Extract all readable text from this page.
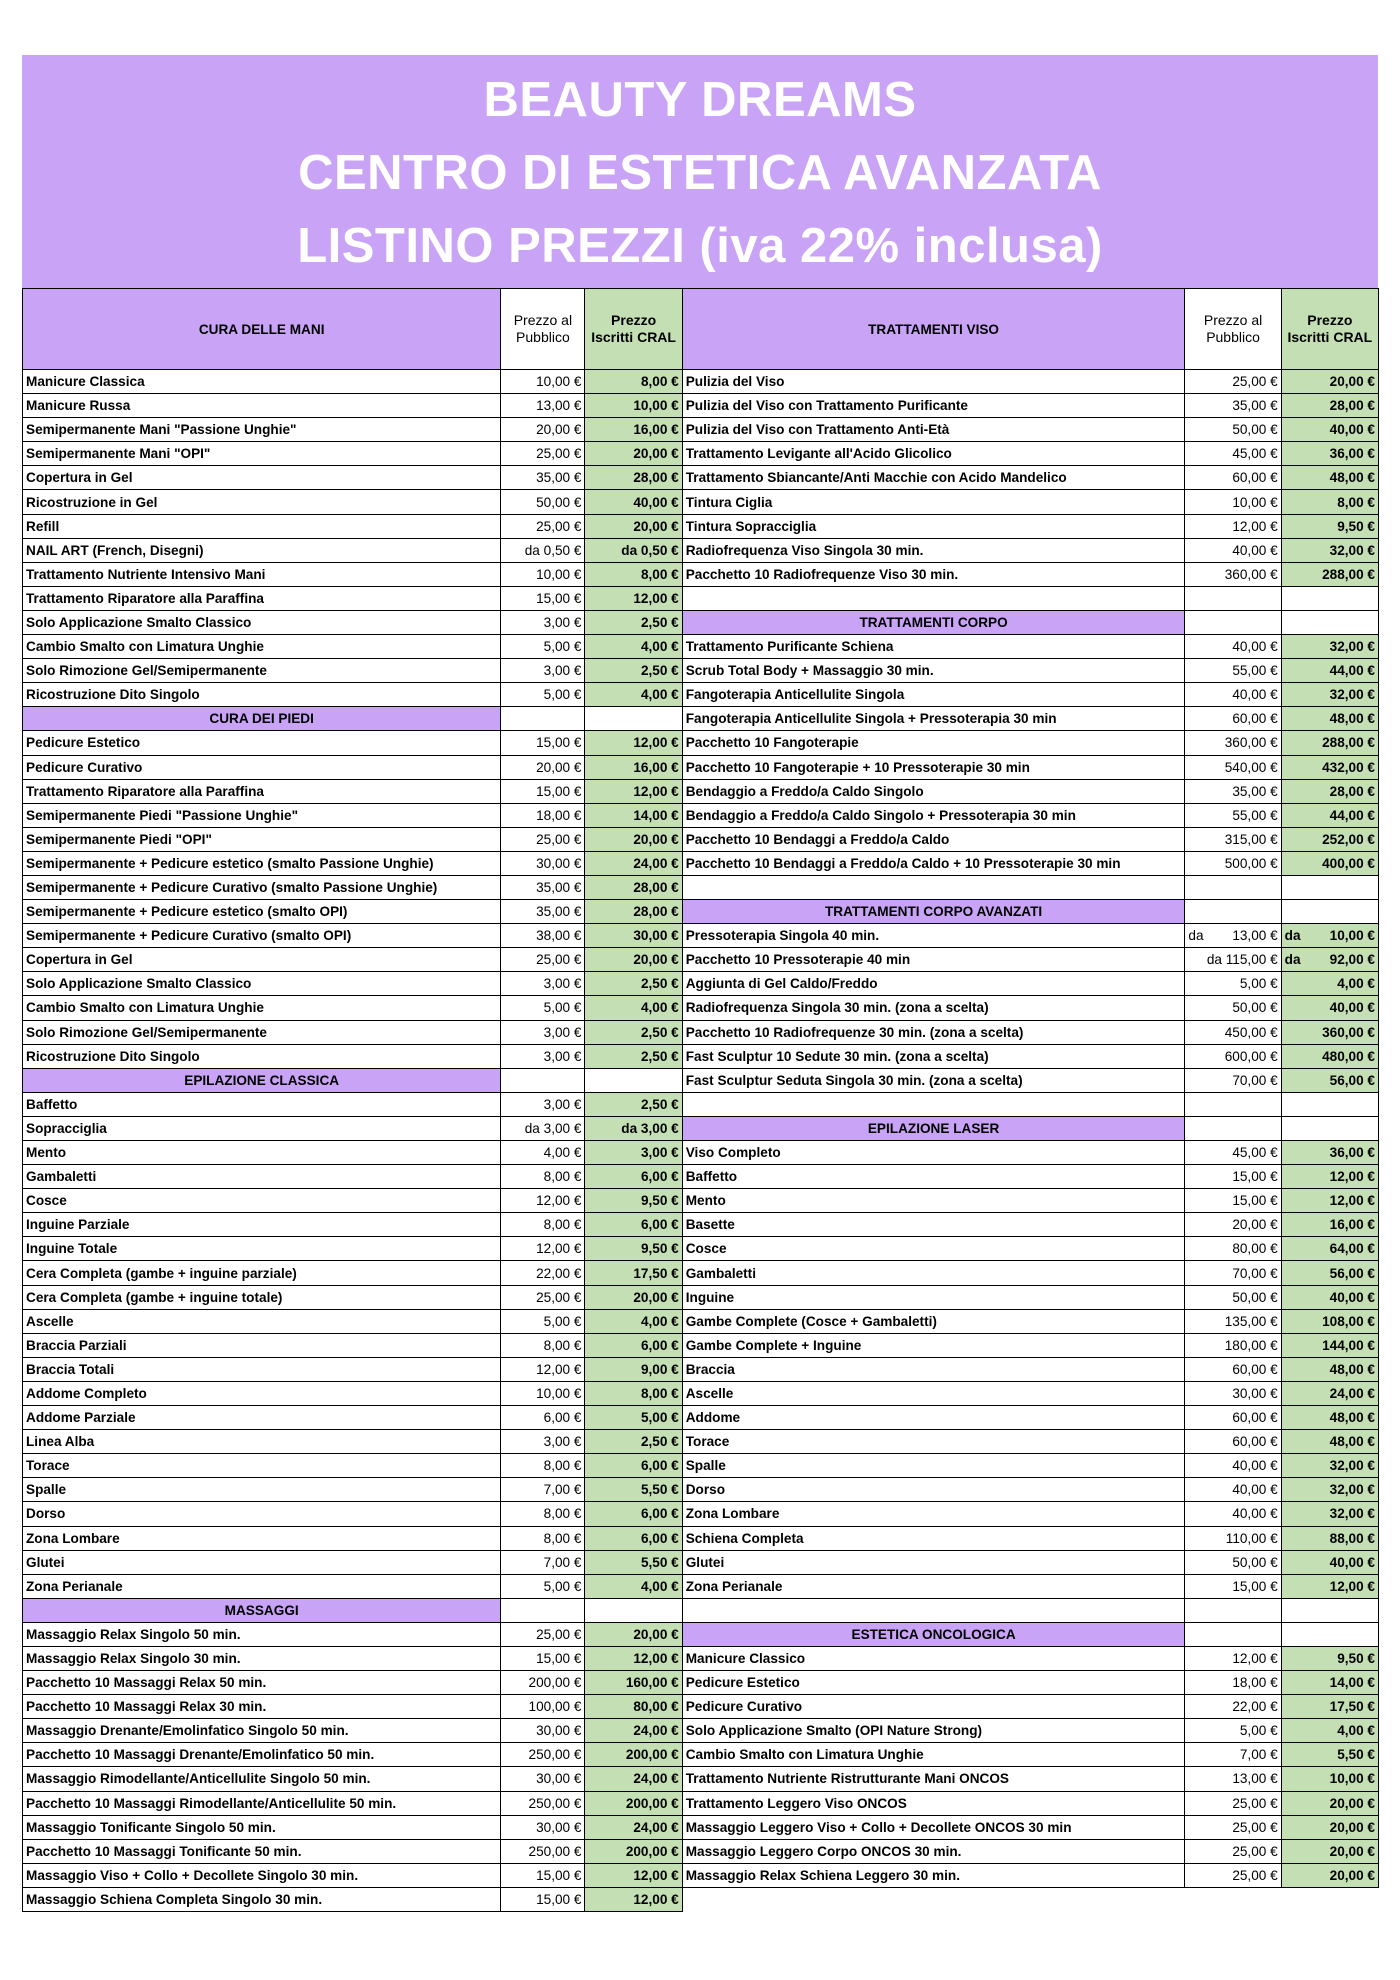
BEAUTY DREAMS
CENTRO DI ESTETICA AVANZATA
LISTINO PREZZI (iva 22% inclusa)
CURA DELLE MANI	Prezzo al Pubblico	Prezzo Iscritti CRAL	TRATTAMENTI VISO	Prezzo al Pubblico	Prezzo Iscritti CRAL
Manicure Classica	10,00 €	8,00 €	Pulizia del Viso	25,00 €	20,00 €
Manicure Russa	13,00 €	10,00 €	Pulizia del Viso con Trattamento Purificante	35,00 €	28,00 €
Semipermanente Mani "Passione Unghie"	20,00 €	16,00 €	Pulizia del Viso con Trattamento Anti-Età	50,00 €	40,00 €
Semipermanente Mani "OPI"	25,00 €	20,00 €	Trattamento Levigante all'Acido Glicolico	45,00 €	36,00 €
Copertura in Gel	35,00 €	28,00 €	Trattamento Sbiancante/Anti Macchie con Acido Mandelico	60,00 €	48,00 €
Ricostruzione in Gel	50,00 €	40,00 €	Tintura Ciglia	10,00 €	8,00 €
Refill	25,00 €	20,00 €	Tintura Sopracciglia	12,00 €	9,50 €
NAIL ART (French, Disegni)	da 0,50 €	da 0,50 €	Radiofrequenza Viso Singola 30 min.	40,00 €	32,00 €
Trattamento Nutriente Intensivo Mani	10,00 €	8,00 €	Pacchetto 10 Radiofrequenze Viso 30 min.	360,00 €	288,00 €
Trattamento Riparatore alla Paraffina	15,00 €	12,00 €			
Solo Applicazione Smalto Classico	3,00 €	2,50 €	TRATTAMENTI CORPO		
Cambio Smalto con Limatura Unghie	5,00 €	4,00 €	Trattamento Purificante Schiena	40,00 €	32,00 €
Solo Rimozione Gel/Semipermanente	3,00 €	2,50 €	Scrub Total Body + Massaggio 30 min.	55,00 €	44,00 €
Ricostruzione Dito Singolo	5,00 €	4,00 €	Fangoterapia Anticellulite Singola	40,00 €	32,00 €
CURA DEI PIEDI			Fangoterapia Anticellulite Singola + Pressoterapia 30 min	60,00 €	48,00 €
Pedicure Estetico	15,00 €	12,00 €	Pacchetto 10 Fangoterapie	360,00 €	288,00 €
Pedicure Curativo	20,00 €	16,00 €	Pacchetto 10 Fangoterapie + 10 Pressoterapie 30 min	540,00 €	432,00 €
Trattamento Riparatore alla Paraffina	15,00 €	12,00 €	Bendaggio a Freddo/a Caldo Singolo	35,00 €	28,00 €
Semipermanente Piedi "Passione Unghie"	18,00 €	14,00 €	Bendaggio a Freddo/a Caldo Singolo + Pressoterapia 30 min	55,00 €	44,00 €
Semipermanente Piedi "OPI"	25,00 €	20,00 €	Pacchetto 10 Bendaggi a Freddo/a Caldo	315,00 €	252,00 €
Semipermanente + Pedicure estetico (smalto Passione Unghie)	30,00 €	24,00 €	Pacchetto 10 Bendaggi a Freddo/a Caldo + 10 Pressoterapie 30 min	500,00 €	400,00 €
Semipermanente + Pedicure Curativo (smalto Passione Unghie)	35,00 €	28,00 €			
Semipermanente + Pedicure estetico (smalto OPI)	35,00 €	28,00 €	TRATTAMENTI CORPO AVANZATI		
Semipermanente + Pedicure Curativo (smalto OPI)	38,00 €	30,00 €	Pressoterapia Singola 40 min.	da 13,00 €	da 10,00 €
Copertura in Gel	25,00 €	20,00 €	Pacchetto 10 Pressoterapie 40 min	da 115,00 €	da 92,00 €
Solo Applicazione Smalto Classico	3,00 €	2,50 €	Aggiunta di Gel Caldo/Freddo	5,00 €	4,00 €
Cambio Smalto con Limatura Unghie	5,00 €	4,00 €	Radiofrequenza Singola 30 min. (zona a scelta)	50,00 €	40,00 €
Solo Rimozione Gel/Semipermanente	3,00 €	2,50 €	Pacchetto 10 Radiofrequenze 30 min. (zona a scelta)	450,00 €	360,00 €
Ricostruzione Dito Singolo	3,00 €	2,50 €	Fast Sculptur 10 Sedute 30 min. (zona a scelta)	600,00 €	480,00 €
EPILAZIONE CLASSICA			Fast Sculptur Seduta Singola 30 min. (zona a scelta)	70,00 €	56,00 €
Baffetto	3,00 €	2,50 €			
Sopracciglia	da 3,00 €	da 3,00 €	EPILAZIONE LASER		
Mento	4,00 €	3,00 €	Viso Completo	45,00 €	36,00 €
Gambaletti	8,00 €	6,00 €	Baffetto	15,00 €	12,00 €
Cosce	12,00 €	9,50 €	Mento	15,00 €	12,00 €
Inguine Parziale	8,00 €	6,00 €	Basette	20,00 €	16,00 €
Inguine Totale	12,00 €	9,50 €	Cosce	80,00 €	64,00 €
Cera Completa (gambe + inguine parziale)	22,00 €	17,50 €	Gambaletti	70,00 €	56,00 €
Cera Completa (gambe + inguine totale)	25,00 €	20,00 €	Inguine	50,00 €	40,00 €
Ascelle	5,00 €	4,00 €	Gambe Complete (Cosce + Gambaletti)	135,00 €	108,00 €
Braccia Parziali	8,00 €	6,00 €	Gambe Complete + Inguine	180,00 €	144,00 €
Braccia Totali	12,00 €	9,00 €	Braccia	60,00 €	48,00 €
Addome Completo	10,00 €	8,00 €	Ascelle	30,00 €	24,00 €
Addome Parziale	6,00 €	5,00 €	Addome	60,00 €	48,00 €
Linea Alba	3,00 €	2,50 €	Torace	60,00 €	48,00 €
Torace	8,00 €	6,00 €	Spalle	40,00 €	32,00 €
Spalle	7,00 €	5,50 €	Dorso	40,00 €	32,00 €
Dorso	8,00 €	6,00 €	Zona Lombare	40,00 €	32,00 €
Zona Lombare	8,00 €	6,00 €	Schiena Completa	110,00 €	88,00 €
Glutei	7,00 €	5,50 €	Glutei	50,00 €	40,00 €
Zona Perianale	5,00 €	4,00 €	Zona Perianale	15,00 €	12,00 €
MASSAGGI					
Massaggio Relax Singolo 50 min.	25,00 €	20,00 €	ESTETICA ONCOLOGICA		
Massaggio Relax Singolo 30 min.	15,00 €	12,00 €	Manicure Classico	12,00 €	9,50 €
Pacchetto 10 Massaggi Relax 50 min.	200,00 €	160,00 €	Pedicure Estetico	18,00 €	14,00 €
Pacchetto 10 Massaggi Relax 30 min.	100,00 €	80,00 €	Pedicure Curativo	22,00 €	17,50 €
Massaggio Drenante/Emolinfatico Singolo 50 min.	30,00 €	24,00 €	Solo Applicazione Smalto (OPI Nature Strong)	5,00 €	4,00 €
Pacchetto 10 Massaggi Drenante/Emolinfatico 50 min.	250,00 €	200,00 €	Cambio Smalto con Limatura Unghie	7,00 €	5,50 €
Massaggio Rimodellante/Anticellulite Singolo 50 min.	30,00 €	24,00 €	Trattamento Nutriente Ristrutturante Mani ONCOS	13,00 €	10,00 €
Pacchetto 10 Massaggi Rimodellante/Anticellulite 50 min.	250,00 €	200,00 €	Trattamento Leggero Viso ONCOS	25,00 €	20,00 €
Massaggio Tonificante Singolo 50 min.	30,00 €	24,00 €	Massaggio Leggero Viso + Collo + Decollete ONCOS 30 min	25,00 €	20,00 €
Pacchetto 10 Massaggi Tonificante 50 min.	250,00 €	200,00 €	Massaggio Leggero Corpo ONCOS 30 min.	25,00 €	20,00 €
Massaggio Viso + Collo + Decollete Singolo 30 min.	15,00 €	12,00 €	Massaggio Relax Schiena Leggero 30 min.	25,00 €	20,00 €
Massaggio Schiena Completa Singolo 30 min.	15,00 €	12,00 €			
